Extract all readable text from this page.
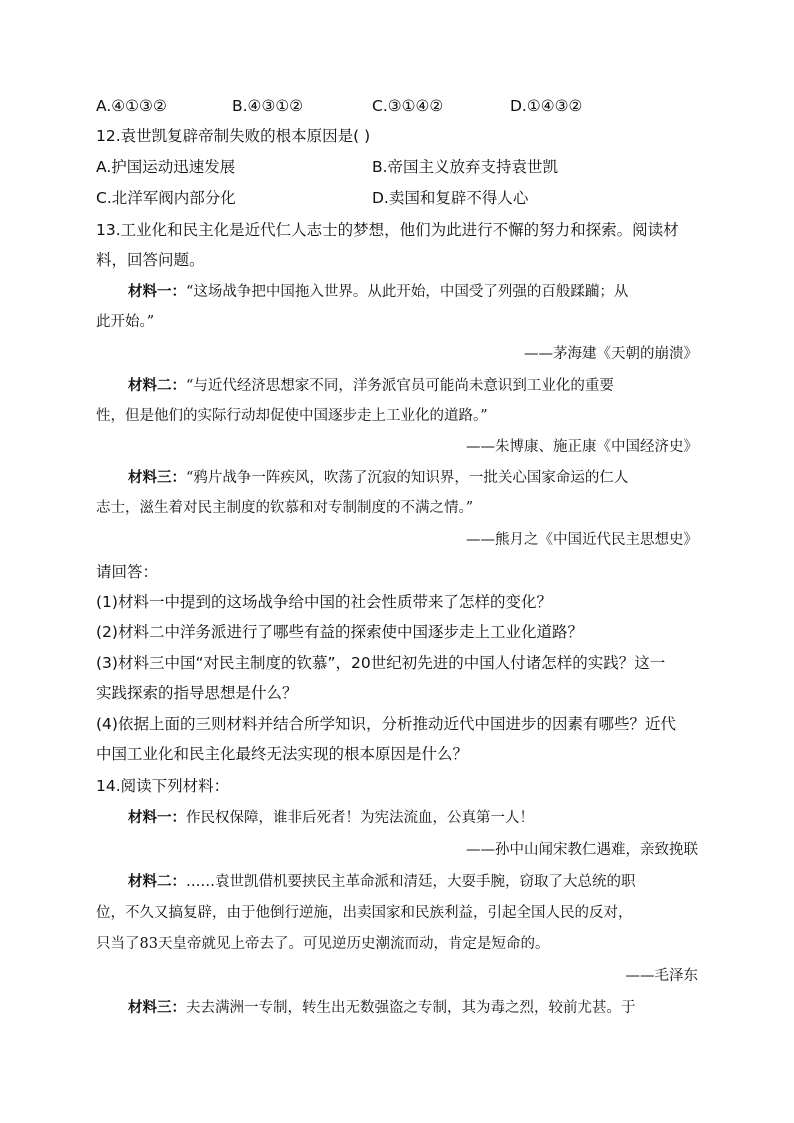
A.④①③②	B.④③①②	C.③①④②	D.①④③②
12.袁世凯复辟帝制失败的根本原因是( )
A.护国运动迅速发展	B.帝国主义放弃支持袁世凯
C.北洋军阀内部分化	D.卖国和复辟不得人心
13.工业化和民主化是近代仁人志士的梦想，他们为此进行不懈的努力和探索。阅读材
料，回答问题。
材料一：“这场战争把中国拖入世界。从此开始，中国受了列强的百般蹂躏；从
此开始。”
——茅海建《天朝的崩溃》
材料二：“与近代经济思想家不同，洋务派官员可能尚未意识到工业化的重要
性，但是他们的实际行动却促使中国逐步走上工业化的道路。”
——朱博康、施正康《中国经济史》
材料三：“鸦片战争一阵疾风，吹荡了沉寂的知识界，一批关心国家命运的仁人
志士，滋生着对民主制度的钦慕和对专制制度的不满之情。”
——熊月之《中国近代民主思想史》
请回答：
(1)材料一中提到的这场战争给中国的社会性质带来了怎样的变化？
(2)材料二中洋务派进行了哪些有益的探索使中国逐步走上工业化道路？
(3)材料三中国“对民主制度的钦慕”，20世纪初先进的中国人付诸怎样的实践？这一
实践探索的指导思想是什么？
(4)依据上面的三则材料并结合所学知识，分析推动近代中国进步的因素有哪些？近代
中国工业化和民主化最终无法实现的根本原因是什么？
14.阅读下列材料：
材料一：作民权保障，谁非后死者！为宪法流血，公真第一人！
——孙中山闻宋教仁遇难，亲致挽联
材料二：……袁世凯借机要挟民主革命派和清廷，大耍手腕，窃取了大总统的职
位，不久又搞复辟，由于他倒行逆施，出卖国家和民族利益，引起全国人民的反对，
只当了83天皇帝就见上帝去了。可见逆历史潮流而动，肯定是短命的。
——毛泽东
材料三：夫去满洲一专制，转生出无数强盗之专制，其为毒之烈，较前尤甚。于
